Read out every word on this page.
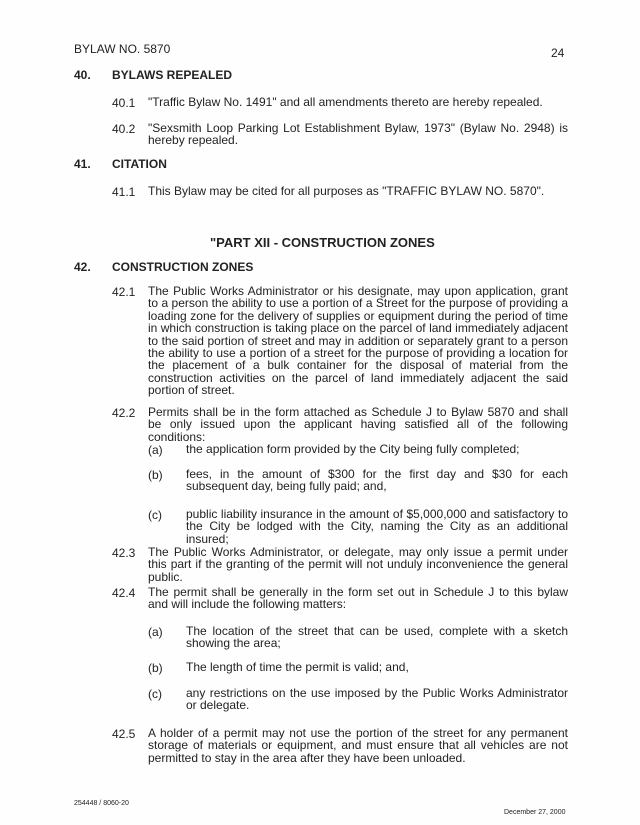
BYLAW NO. 5870	24
40. BYLAWS REPEALED
40.1 "Traffic Bylaw No. 1491" and all amendments thereto are hereby repealed.
40.2 "Sexsmith Loop Parking Lot Establishment Bylaw, 1973" (Bylaw No. 2948) is hereby repealed.
41. CITATION
41.1 This Bylaw may be cited for all purposes as "TRAFFIC BYLAW NO. 5870".
"PART XII - CONSTRUCTION ZONES
42. CONSTRUCTION ZONES
42.1 The Public Works Administrator or his designate, may upon application, grant to a person the ability to use a portion of a Street for the purpose of providing a loading zone for the delivery of supplies or equipment during the period of time in which construction is taking place on the parcel of land immediately adjacent to the said portion of street and may in addition or separately grant to a person the ability to use a portion of a street for the purpose of providing a location for the placement of a bulk container for the disposal of material from the construction activities on the parcel of land immediately adjacent the said portion of street.
42.2 Permits shall be in the form attached as Schedule J to Bylaw 5870 and shall be only issued upon the applicant having satisfied all of the following conditions:
(a) the application form provided by the City being fully completed;
(b) fees, in the amount of $300 for the first day and $30 for each subsequent day, being fully paid; and,
(c) public liability insurance in the amount of $5,000,000 and satisfactory to the City be lodged with the City, naming the City as an additional insured;
42.3 The Public Works Administrator, or delegate, may only issue a permit under this part if the granting of the permit will not unduly inconvenience the general public.
42.4 The permit shall be generally in the form set out in Schedule J to this bylaw and will include the following matters:
(a) The location of the street that can be used, complete with a sketch showing the area;
(b) The length of time the permit is valid; and,
(c) any restrictions on the use imposed by the Public Works Administrator or delegate.
42.5 A holder of a permit may not use the portion of the street for any permanent storage of materials or equipment, and must ensure that all vehicles are not permitted to stay in the area after they have been unloaded.
254448 / 8060-20
December 27, 2000
